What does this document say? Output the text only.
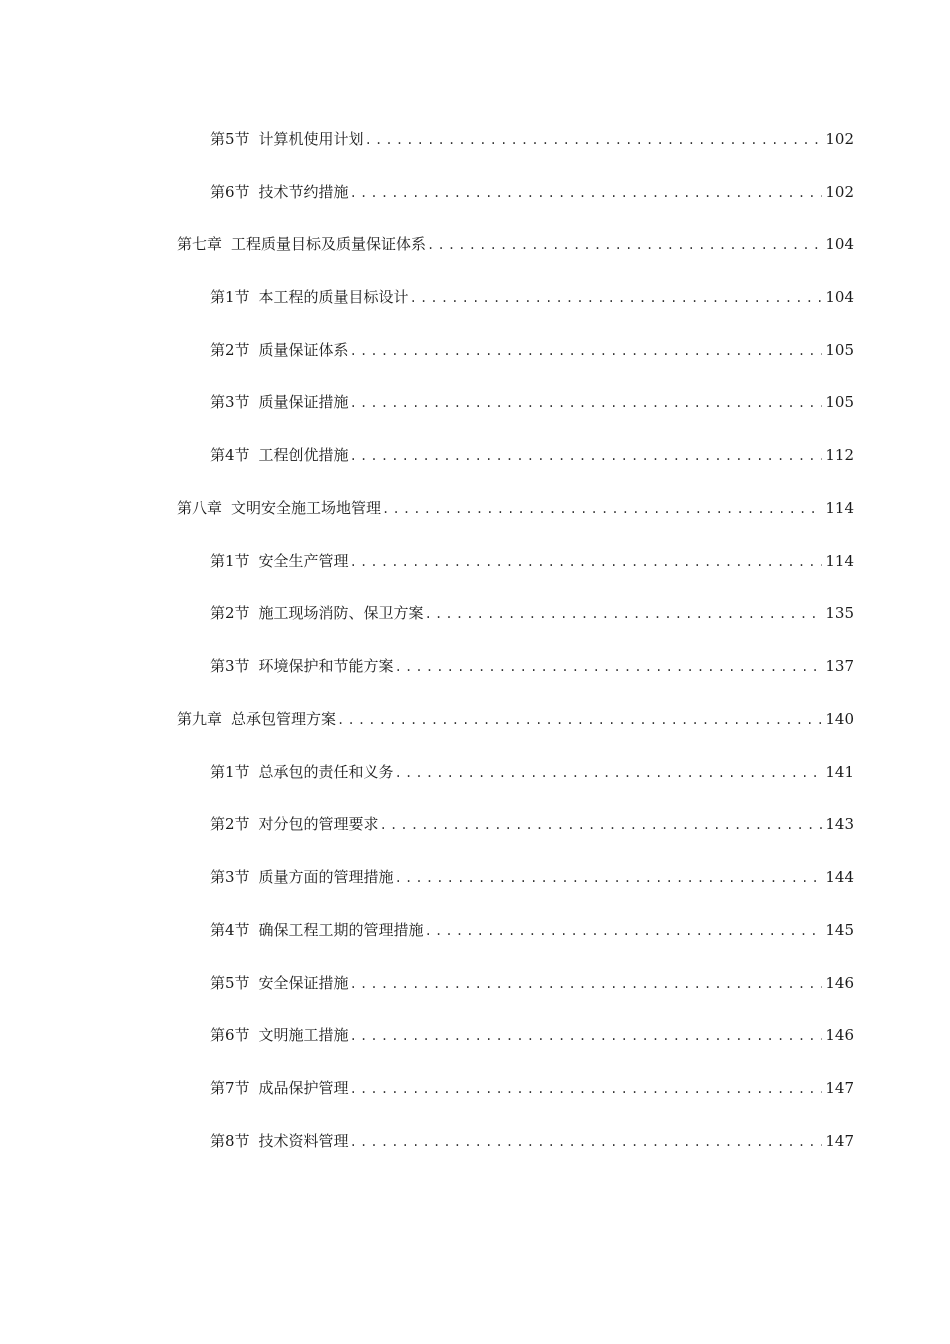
第5节 计算机使用计划 .....	102
第6节 技术节约措施 .....	102
第七章 工程质量目标及质量保证体系 .....	104
第1节 本工程的质量目标设计 .....	104
第2节 质量保证体系 .....	105
第3节 质量保证措施 .....	105
第4节 工程创优措施 .....	112
第八章 文明安全施工场地管理 .....	114
第1节 安全生产管理 .....	114
第2节 施工现场消防、保卫方案 .....	135
第3节 环境保护和节能方案 .....	137
第九章 总承包管理方案 .....	140
第1节 总承包的责任和义务 .....	141
第2节 对分包的管理要求 .....	143
第3节 质量方面的管理措施 .....	144
第4节 确保工程工期的管理措施 .....	145
第5节 安全保证措施 .....	146
第6节 文明施工措施 .....	146
第7节 成品保护管理 .....	147
第8节 技术资料管理 .....	147
